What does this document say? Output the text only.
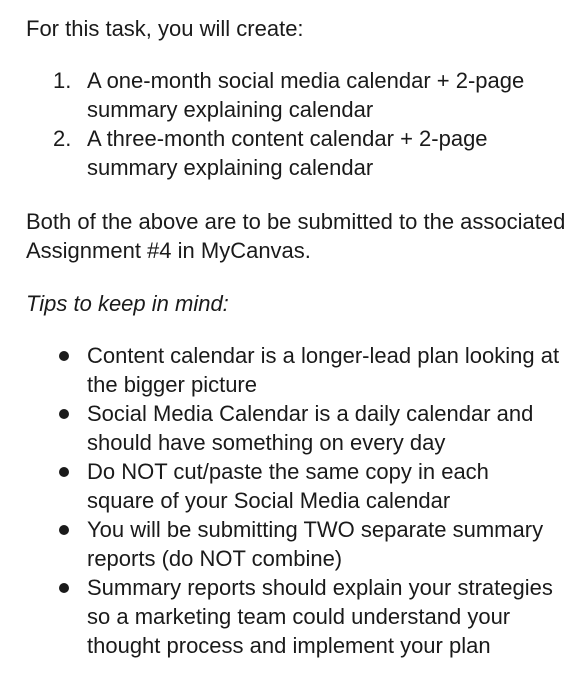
For this task, you will create:

1. A one-month social media calendar + 2-page summary explaining calendar
2. A three-month content calendar + 2-page summary explaining calendar

Both of the above are to be submitted to the associated Assignment #4 in MyCanvas.

Tips to keep in mind:

Content calendar is a longer-lead plan looking at the bigger picture
Social Media Calendar is a daily calendar and should have something on every day
Do NOT cut/paste the same copy in each square of your Social Media calendar
You will be submitting TWO separate summary reports (do NOT combine)
Summary reports should explain your strategies so a marketing team could understand your thought process and implement your plan
